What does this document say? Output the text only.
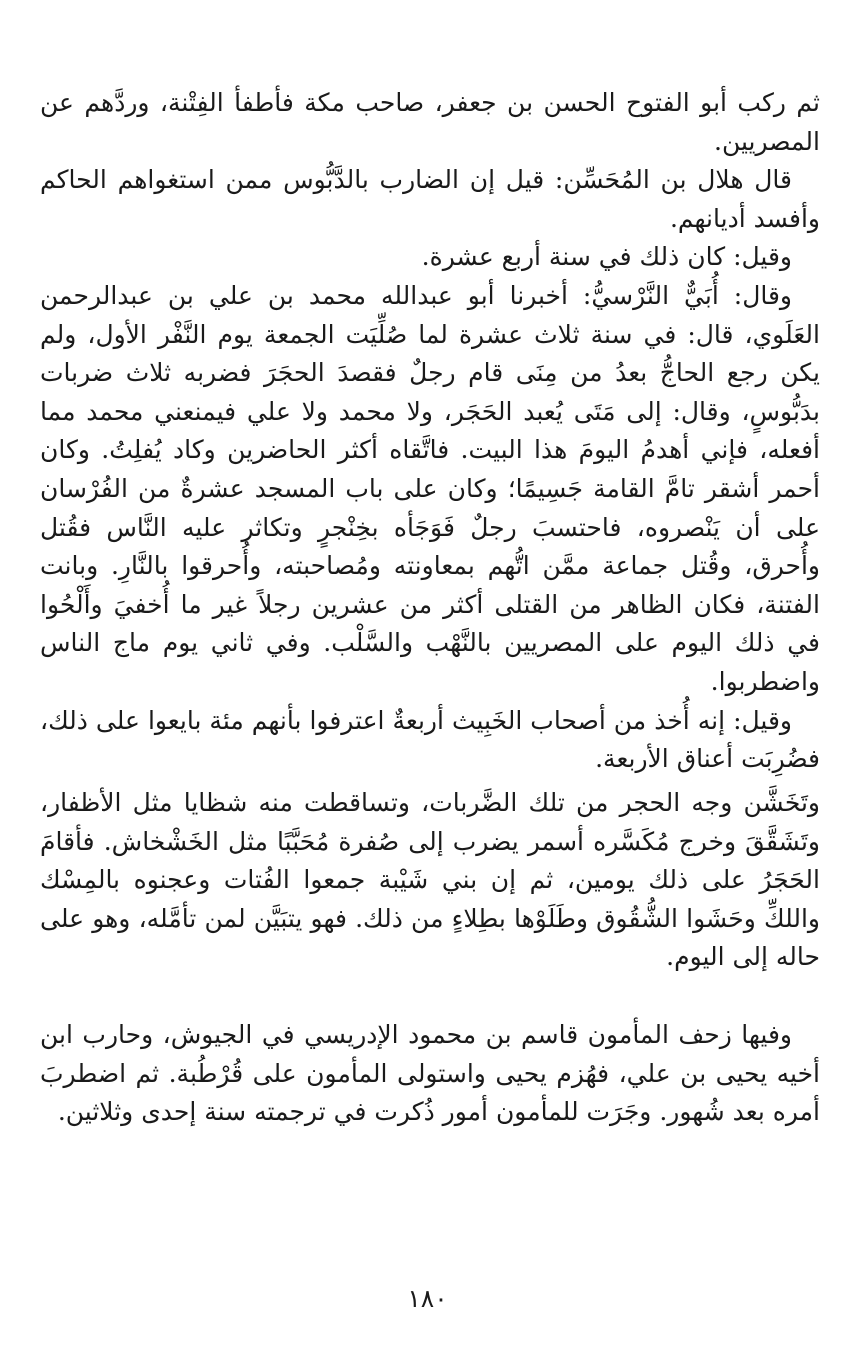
ثم ركب أبو الفتوح الحسن بن جعفر، صاحب مكة فأطفأ الفِتْنة، وردَّهم عن المصريين.

قال هلال بن المُحَسِّن: قيل إن الضارب بالدَّبُّوس ممن استغواهم الحاكم وأفسد أديانهم.

وقيل: كان ذلك في سنة أربع عشرة.

وقال: أُبَيٌّ النَّرْسيُّ: أخبرنا أبو عبدالله محمد بن علي بن عبدالرحمن العَلَوي، قال: في سنة ثلاث عشرة لما صُلِّيَت الجمعة يوم النَّفْر الأول، ولم يكن رجع الحاجُّ بعدُ من مِنَى قام رجلٌ فقصدَ الحجَرَ فضربه ثلاث ضربات بدَبُّوسٍ، وقال: إلى مَتَى يُعبد الحَجَر، ولا محمد ولا علي فيمنعني محمد مما أفعله، فإني أهدمُ اليومَ هذا البيت. فاتَّقاه أكثر الحاضرين وكاد يُفلِتُ. وكان أحمر أشقر تامَّ القامة جَسِيمًا؛ وكان على باب المسجد عشرةٌ من الفُرْسان على أن يَنْصروه، فاحتسبَ رجلٌ فَوَجَأه بخِنْجرٍ وتكاثر عليه النَّاس فقُتل وأُحرق، وقُتل جماعة ممَّن اتُّهم بمعاونته ومُصاحبته، وأُحرقوا بالنَّارِ. وبانت الفتنة، فكان الظاهر من القتلى أكثر من عشرين رجلاً غير ما أُخفيَ وأَلْحُوا في ذلك اليوم على المصريين بالنَّهْب والسَّلْب. وفي ثاني يوم ماج الناس واضطربوا.

وقيل: إنه أُخذ من أصحاب الخَبِيث أربعةٌ اعترفوا بأنهم مئة بايعوا على ذلك، فضُرِبَت أعناق الأربعة.

وتَخَشَّن وجه الحجر من تلك الضَّربات، وتساقطت منه شظايا مثل الأظفار، وتَشَقَّقَ وخرج مُكَسَّره أسمر يضرب إلى صُفرة مُحَبَّبًا مثل الخَشْخاش. فأقامَ الحَجَرُ على ذلك يومين، ثم إن بني شَيْبة جمعوا الفُتات وعجنوه بالمِسْك واللكِّ وحَشَوا الشُّقُوق وطَلَوْها بطِلاءٍ من ذلك. فهو يتبَيَّن لمن تأمَّله، وهو على حاله إلى اليوم.

وفيها زحف المأمون قاسم بن محمود الإدريسي في الجيوش، وحارب ابن أخيه يحيى بن علي، فهُزم يحيى واستولى المأمون على قُرْطُبة. ثم اضطربَ أمره بعد شُهور. وجَرَت للمأمون أمور ذُكرت في ترجمته سنة إحدى وثلاثين.

١٨٠
